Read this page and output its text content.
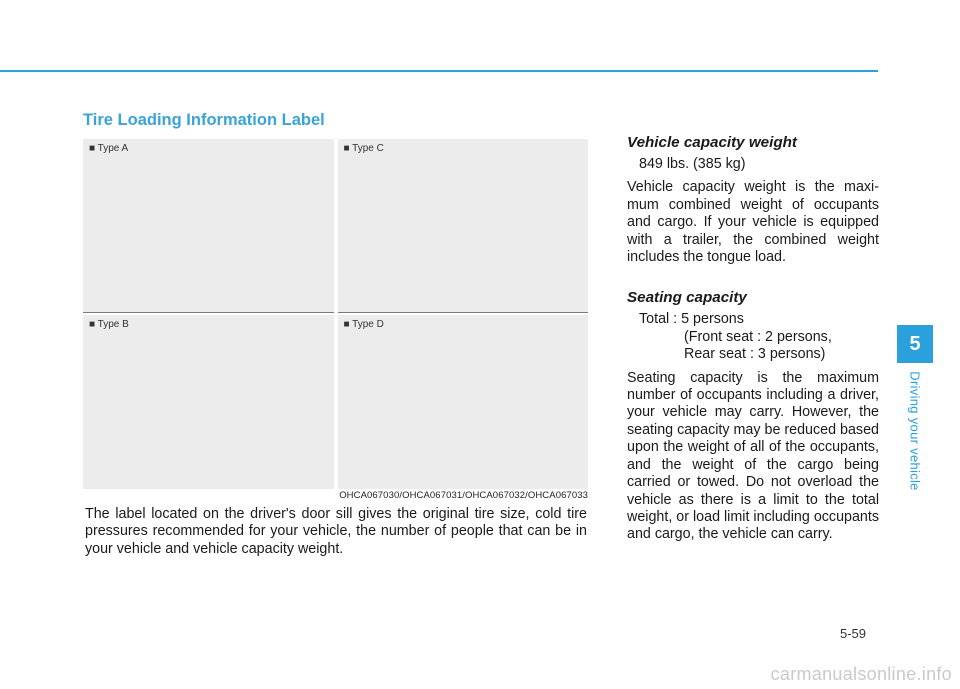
Tire Loading Information Label
■ Type A	■ Type C
■ Type B	■ Type D
OHCA067030/OHCA067031/OHCA067032/OHCA067033

The label located on the driver's door sill gives the original tire size, cold tire pressures recommended for your vehicle, the number of people that can be in your vehicle and vehicle capacity weight.

Vehicle capacity weight
849 lbs. (385 kg)

Vehicle capacity weight is the maxi-mum combined weight of occupants and cargo. If your vehicle is equipped with a trailer, the combined weight includes the tongue load.

Seating capacity
Total : 5 persons
(Front seat : 2 persons,
Rear seat : 3 persons)

Seating capacity is the maximum number of occupants including a driver, your vehicle may carry. However, the seating capacity may be reduced based upon the weight of all of the occupants, and the weight of the cargo being carried or towed. Do not overload the vehicle as there is a limit to the total weight, or load limit including occupants and cargo, the vehicle can carry.

5
Driving your vehicle
5-59
carmanualsonline.info
